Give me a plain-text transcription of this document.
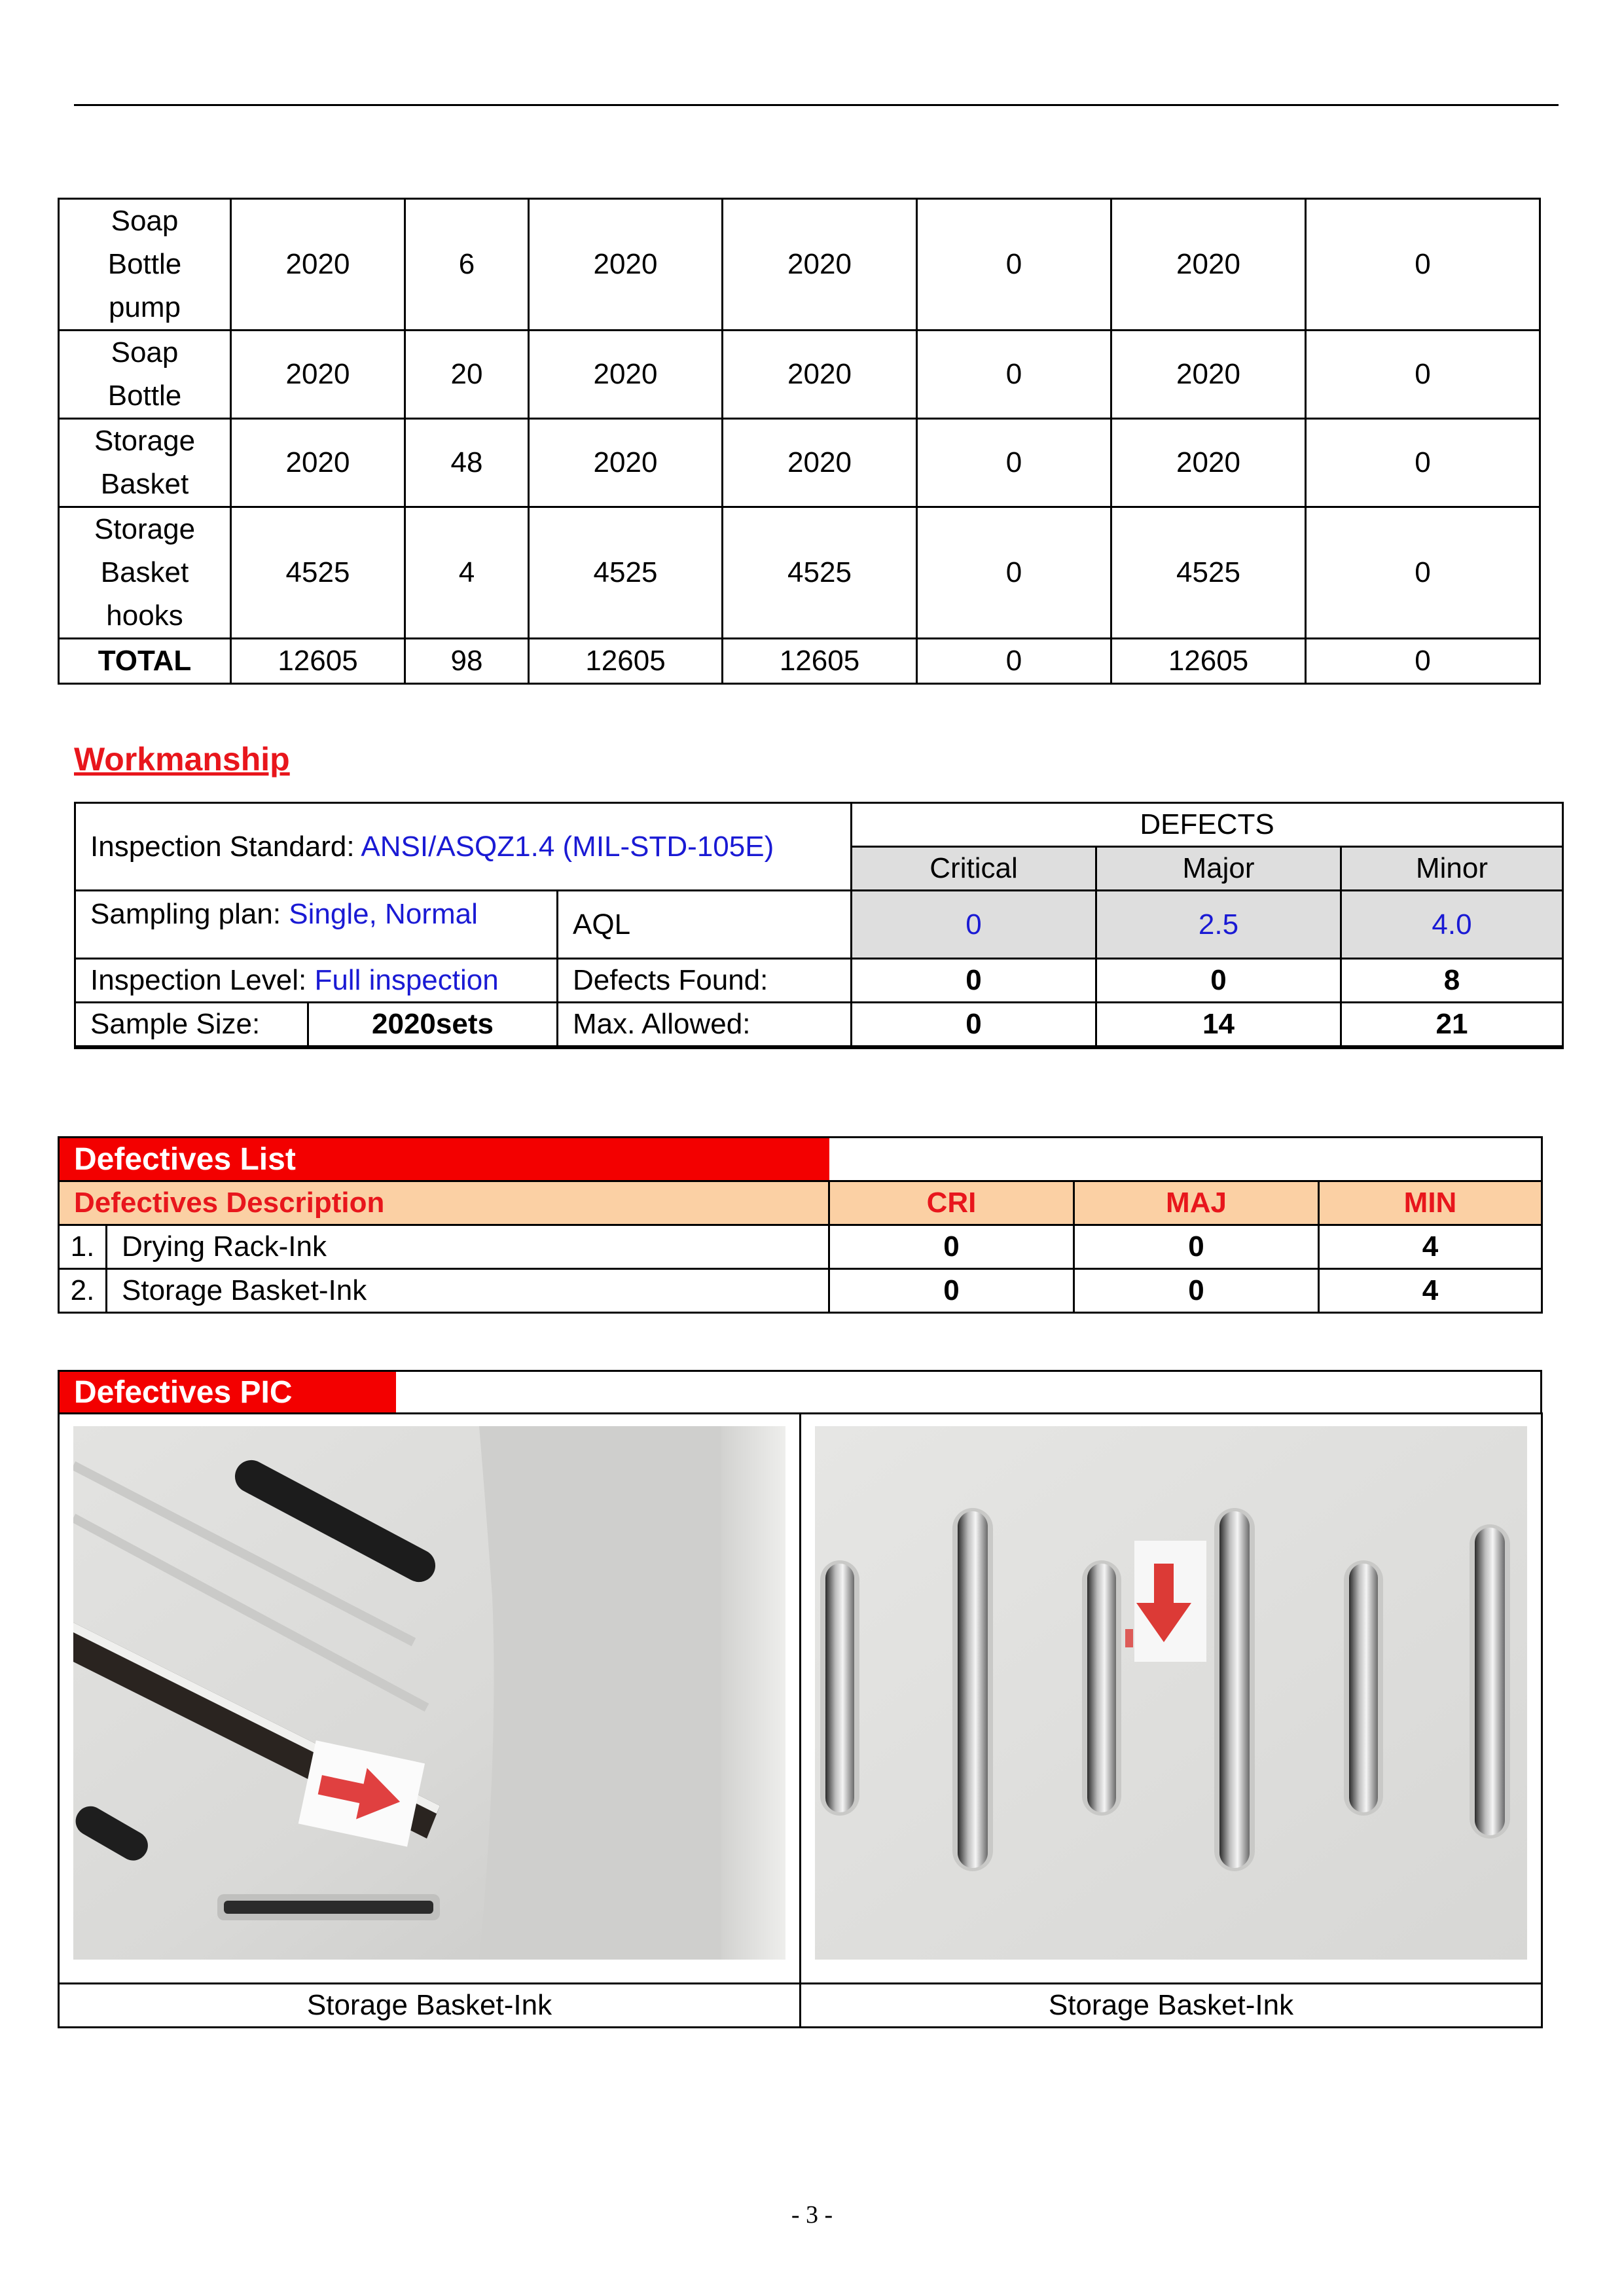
Soap Bottle pump	2020	6	2020	2020	0	2020	0
Soap Bottle	2020	20	2020	2020	0	2020	0
Storage Basket	2020	48	2020	2020	0	2020	0
Storage Basket hooks	4525	4	4525	4525	0	4525	0
TOTAL	12605	98	12605	12605	0	12605	0
Workmanship
Inspection Standard: ANSI/ASQZ1.4 (MIL-STD-105E)			DEFECTS		
			Critical	Major	Minor
Sampling plan: Single, Normal		AQL	0	2.5	4.0
Inspection Level: Full inspection		Defects Found:	0	0	8
Sample Size:	2020sets	Max. Allowed:	0	14	21
Defectives List				
Defectives Description		CRI	MAJ	MIN
1.	Drying Rack-Ink	0	0	4
2.	Storage Basket-Ink	0	0	4
Defectives PIC

Storage Basket-Ink	Storage Basket-Ink
- 3 -
